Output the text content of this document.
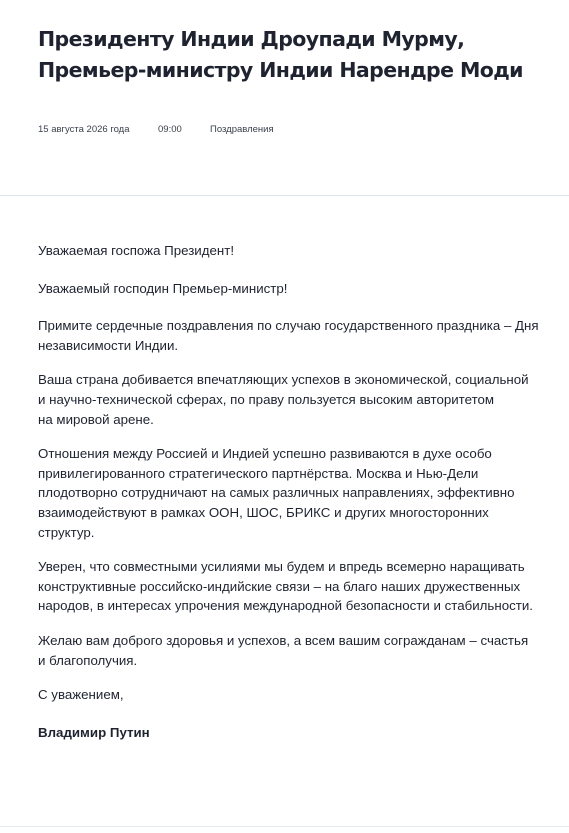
Президенту Индии Дроупади Мурму, Премьер-министру Индии Нарендре Моди
15 августа 2026 года	09:00	Поздравления

Уважаемая госпожа Президент!

Уважаемый господин Премьер-министр!

Примите сердечные поздравления по случаю государственного праздника – Дня
независимости Индии.

Ваша страна добивается впечатляющих успехов в экономической, социальной
и научно-технической сферах, по праву пользуется высоким авторитетом
на мировой арене.

Отношения между Россией и Индией успешно развиваются в духе особо
привилегированного стратегического партнёрства. Москва и Нью-Дели
плодотворно сотрудничают на самых различных направлениях, эффективно
взаимодействуют в рамках ООН, ШОС, БРИКС и других многосторонних структур.

Уверен, что совместными усилиями мы будем и впредь всемерно наращивать
конструктивные российско-индийские связи – на благо наших дружественных
народов, в интересах упрочения международной безопасности и стабильности.

Желаю вам доброго здоровья и успехов, а всем вашим согражданам – счастья
и благополучия.

С уважением,

Владимир Путин
